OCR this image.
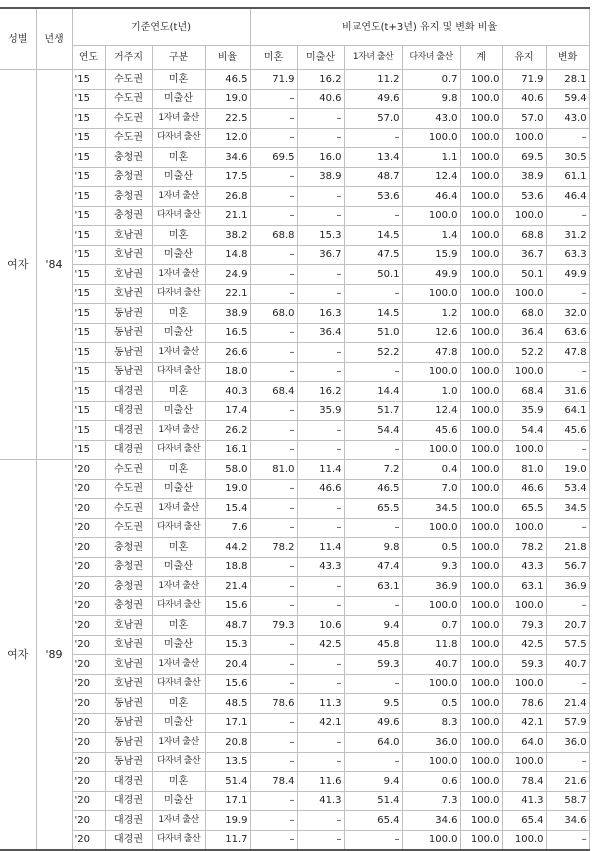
성별	년생	기준연도(t년)				비교연도(t+3년) 유지 및 변화 비율						
		연도	거주지	구분	비율	미혼	미출산	1자녀 출산	다자녀 출산	계	유지	변화
여자	'84	'15	수도권	미혼	46.5	71.9	16.2	11.2	0.7	100.0	71.9	28.1
		'15	수도권	미출산	19.0	–	40.6	49.6	9.8	100.0	40.6	59.4
		'15	수도권	1자녀 출산	22.5	–	–	57.0	43.0	100.0	57.0	43.0
		'15	수도권	다자녀 출산	12.0	–	–	–	100.0	100.0	100.0	–
		'15	충청권	미혼	34.6	69.5	16.0	13.4	1.1	100.0	69.5	30.5
		'15	충청권	미출산	17.5	–	38.9	48.7	12.4	100.0	38.9	61.1
		'15	충청권	1자녀 출산	26.8	–	–	53.6	46.4	100.0	53.6	46.4
		'15	충청권	다자녀 출산	21.1	–	–	–	100.0	100.0	100.0	–
		'15	호남권	미혼	38.2	68.8	15.3	14.5	1.4	100.0	68.8	31.2
		'15	호남권	미출산	14.8	–	36.7	47.5	15.9	100.0	36.7	63.3
		'15	호남권	1자녀 출산	24.9	–	–	50.1	49.9	100.0	50.1	49.9
		'15	호남권	다자녀 출산	22.1	–	–	–	100.0	100.0	100.0	–
		'15	동남권	미혼	38.9	68.0	16.3	14.5	1.2	100.0	68.0	32.0
		'15	동남권	미출산	16.5	–	36.4	51.0	12.6	100.0	36.4	63.6
		'15	동남권	1자녀 출산	26.6	–	–	52.2	47.8	100.0	52.2	47.8
		'15	동남권	다자녀 출산	18.0	–	–	–	100.0	100.0	100.0	–
		'15	대경권	미혼	40.3	68.4	16.2	14.4	1.0	100.0	68.4	31.6
		'15	대경권	미출산	17.4	–	35.9	51.7	12.4	100.0	35.9	64.1
		'15	대경권	1자녀 출산	26.2	–	–	54.4	45.6	100.0	54.4	45.6
		'15	대경권	다자녀 출산	16.1	–	–	–	100.0	100.0	100.0	–
여자	'89	'20	수도권	미혼	58.0	81.0	11.4	7.2	0.4	100.0	81.0	19.0
		'20	수도권	미출산	19.0	–	46.6	46.5	7.0	100.0	46.6	53.4
		'20	수도권	1자녀 출산	15.4	–	–	65.5	34.5	100.0	65.5	34.5
		'20	수도권	다자녀 출산	7.6	–	–	–	100.0	100.0	100.0	–
		'20	충청권	미혼	44.2	78.2	11.4	9.8	0.5	100.0	78.2	21.8
		'20	충청권	미출산	18.8	–	43.3	47.4	9.3	100.0	43.3	56.7
		'20	충청권	1자녀 출산	21.4	–	–	63.1	36.9	100.0	63.1	36.9
		'20	충청권	다자녀 출산	15.6	–	–	–	100.0	100.0	100.0	–
		'20	호남권	미혼	48.7	79.3	10.6	9.4	0.7	100.0	79.3	20.7
		'20	호남권	미출산	15.3	–	42.5	45.8	11.8	100.0	42.5	57.5
		'20	호남권	1자녀 출산	20.4	–	–	59.3	40.7	100.0	59.3	40.7
		'20	호남권	다자녀 출산	15.6	–	–	–	100.0	100.0	100.0	–
		'20	동남권	미혼	48.5	78.6	11.3	9.5	0.5	100.0	78.6	21.4
		'20	동남권	미출산	17.1	–	42.1	49.6	8.3	100.0	42.1	57.9
		'20	동남권	1자녀 출산	20.8	–	–	64.0	36.0	100.0	64.0	36.0
		'20	동남권	다자녀 출산	13.5	–	–	–	100.0	100.0	100.0	–
		'20	대경권	미혼	51.4	78.4	11.6	9.4	0.6	100.0	78.4	21.6
		'20	대경권	미출산	17.1	–	41.3	51.4	7.3	100.0	41.3	58.7
		'20	대경권	1자녀 출산	19.9	–	–	65.4	34.6	100.0	65.4	34.6
		'20	대경권	다자녀 출산	11.7	–	–	–	100.0	100.0	100.0	–
